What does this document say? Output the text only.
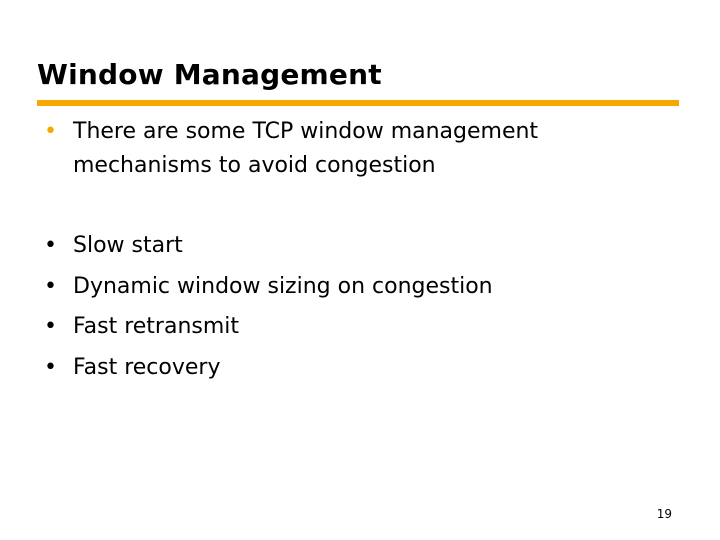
Window Management
• There are some TCP window management
mechanisms to avoid congestion
• Slow start
• Dynamic window sizing on congestion
• Fast retransmit
• Fast recovery
19
